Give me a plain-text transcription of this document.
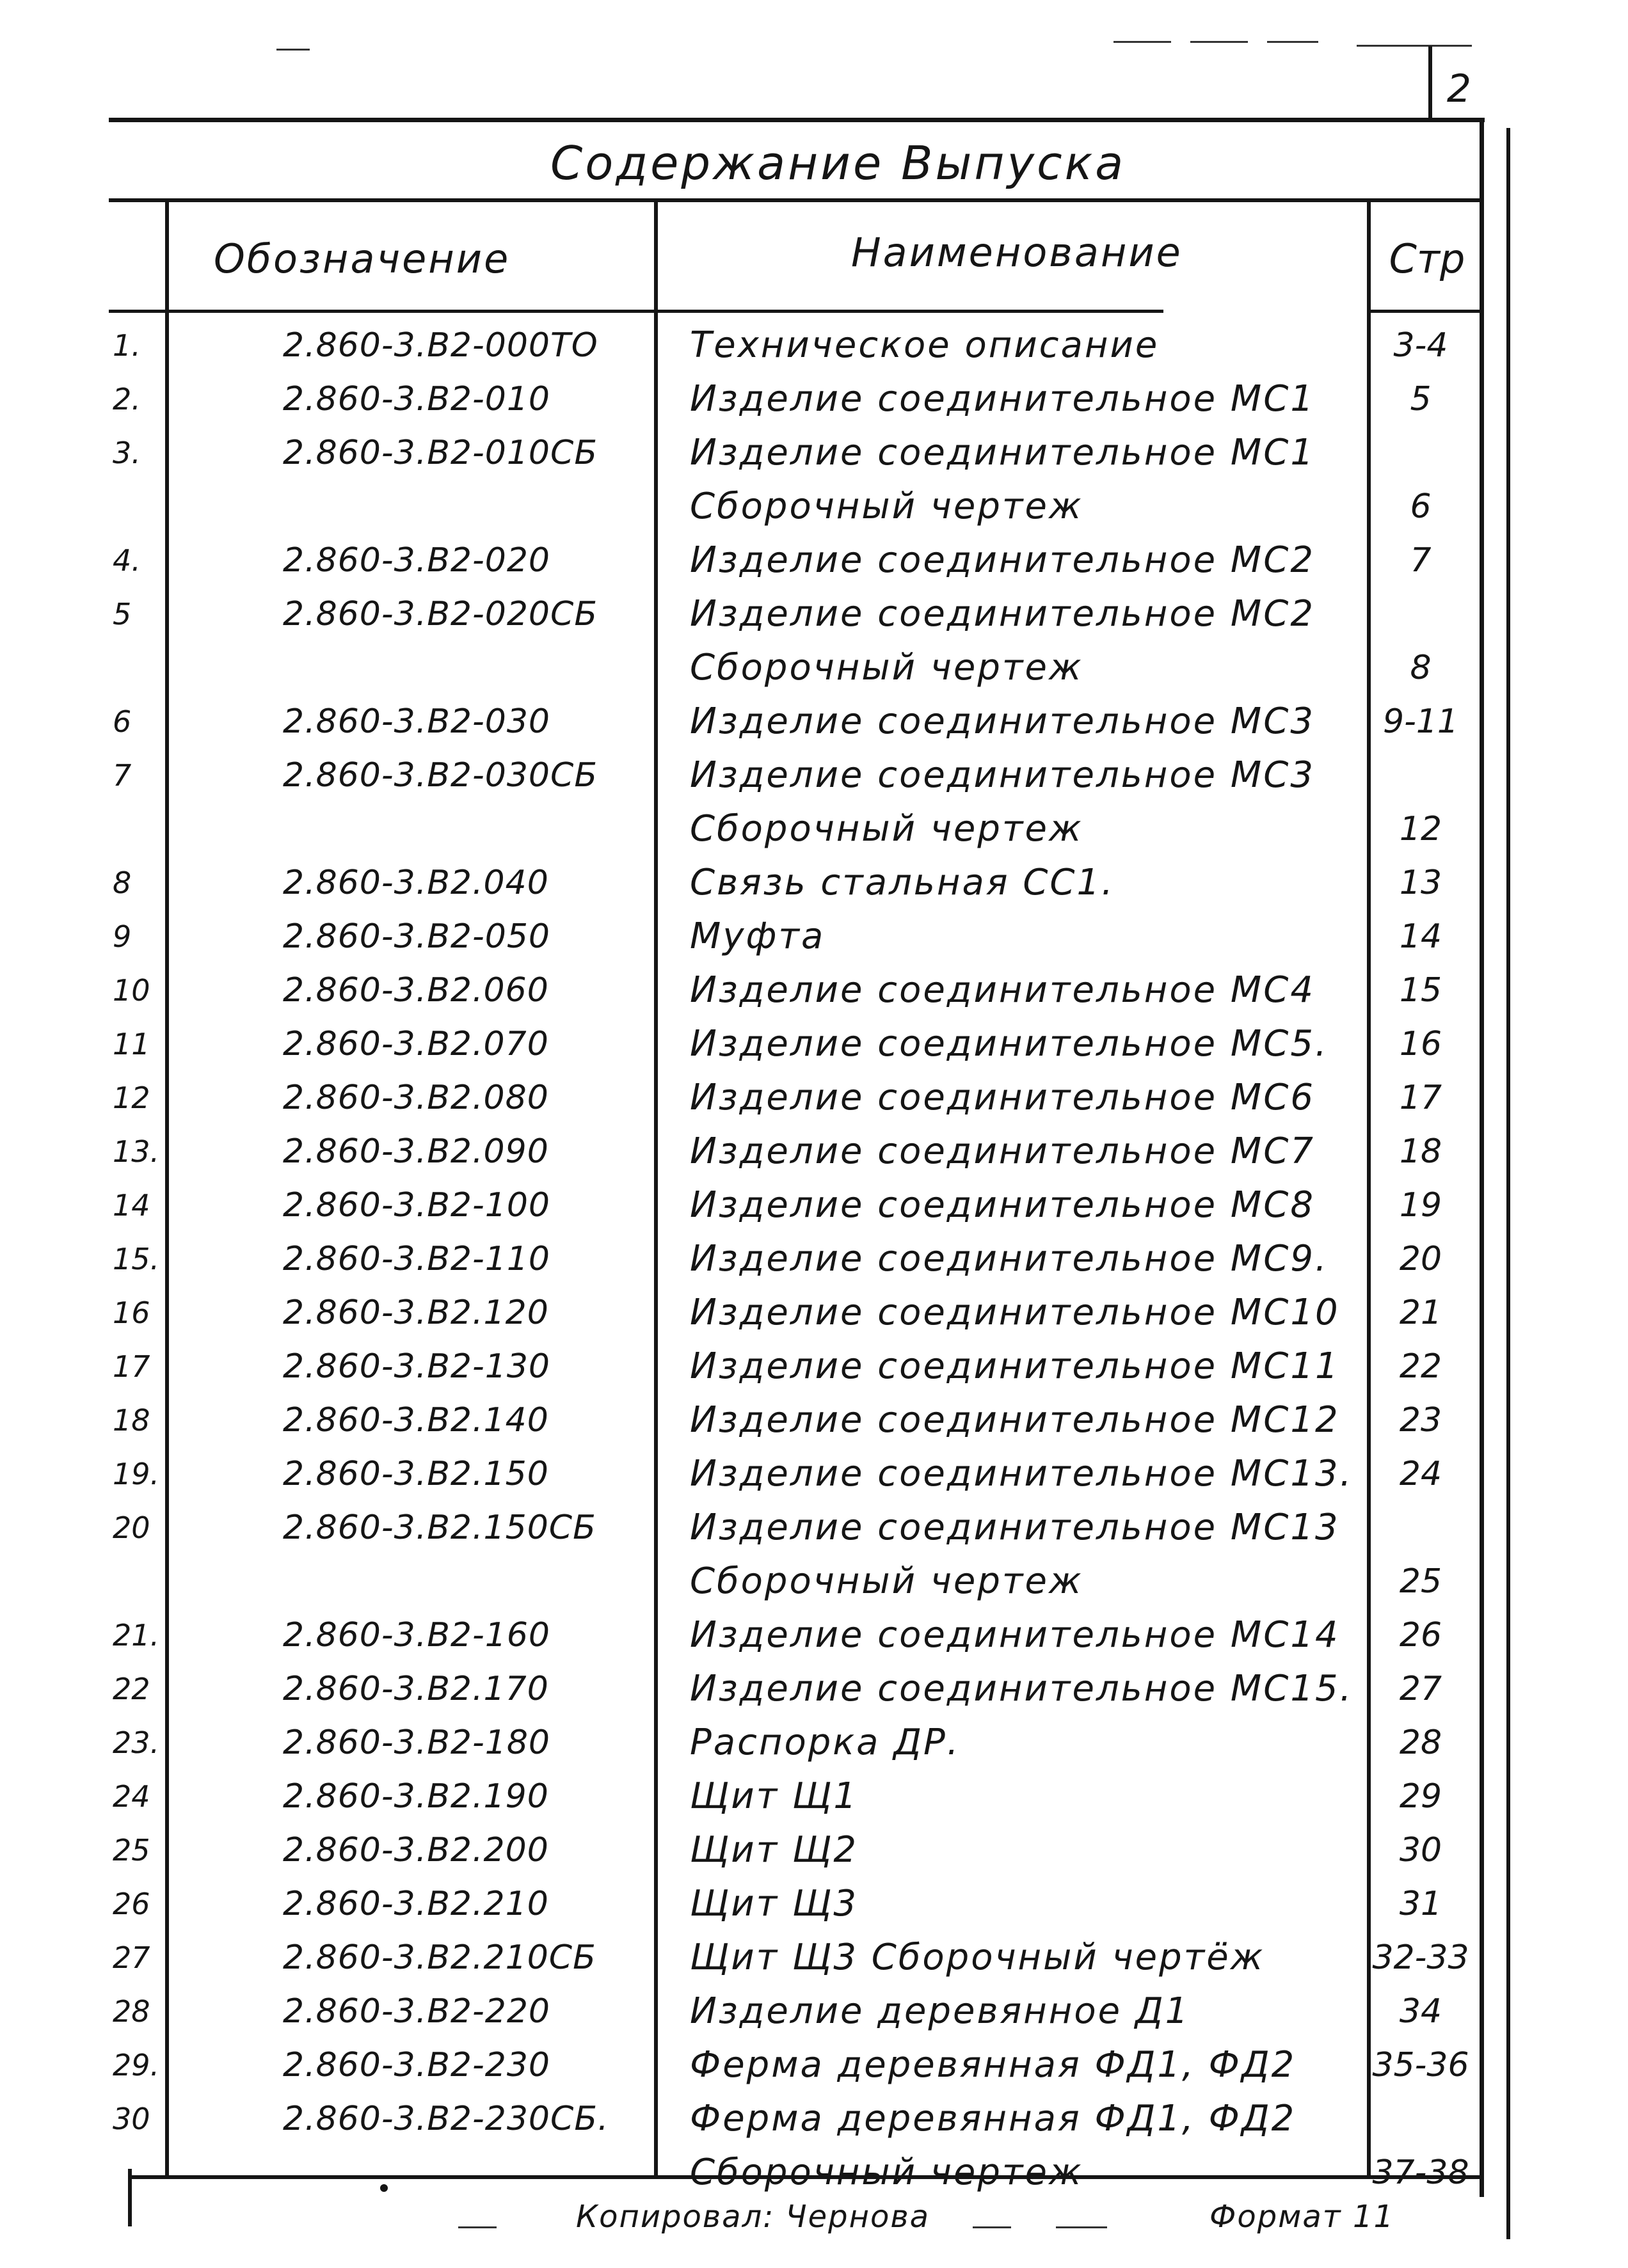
2
Содержание Выпуска
Обозначение	Наименование	Стр
1.	2.860-3.В2-000ТО	Техническое описание	3-4
2.	2.860-3.В2-010	Изделие соединительное МС1	5
3.	2.860-3.В2-010СБ	Изделие соединительное МС1
Сборочный чертеж	6
4.	2.860-3.В2-020	Изделие соединительное МС2	7
5	2.860-3.В2-020СБ	Изделие соединительное МС2
Сборочный чертеж	8
6	2.860-3.В2-030	Изделие соединительное МС3	9-11
7	2.860-3.В2-030СБ	Изделие соединительное МС3
Сборочный чертеж	12
8	2.860-3.В2.040	Связь стальная СС1.	13
9	2.860-3.В2-050	Муфта	14
10	2.860-3.В2.060	Изделие соединительное МС4	15
11	2.860-3.В2.070	Изделие соединительное МС5.	16
12	2.860-3.В2.080	Изделие соединительное МС6	17
13.	2.860-3.В2.090	Изделие соединительное МС7	18
14	2.860-3.В2-100	Изделие соединительное МС8	19
15.	2.860-3.В2-110	Изделие соединительное МС9.	20
16	2.860-3.В2.120	Изделие соединительное МС10	21
17	2.860-3.В2-130	Изделие соединительное МС11	22
18	2.860-3.В2.140	Изделие соединительное МС12	23
19.	2.860-3.В2.150	Изделие соединительное МС13.	24
20	2.860-3.В2.150СБ	Изделие соединительное МС13
Сборочный чертеж	25
21.	2.860-3.В2-160	Изделие соединительное МС14	26
22	2.860-3.В2.170	Изделие соединительное МС15.	27
23.	2.860-3.В2-180	Распорка ДР.	28
24	2.860-3.В2.190	Щит Щ1	29
25	2.860-3.В2.200	Щит Щ2	30
26	2.860-3.В2.210	Щит Щ3	31
27	2.860-3.В2.210СБ	Щит Щ3 Сборочный чертёж	32-33
28	2.860-3.В2-220	Изделие деревянное Д1	34
29.	2.860-3.В2-230	Ферма деревянная ФД1, ФД2	35-36
30	2.860-3.В2-230СБ.	Ферма деревянная ФД1, ФД2
Сборочный чертеж	37-38
Копировал: Чернова	Формат 11
